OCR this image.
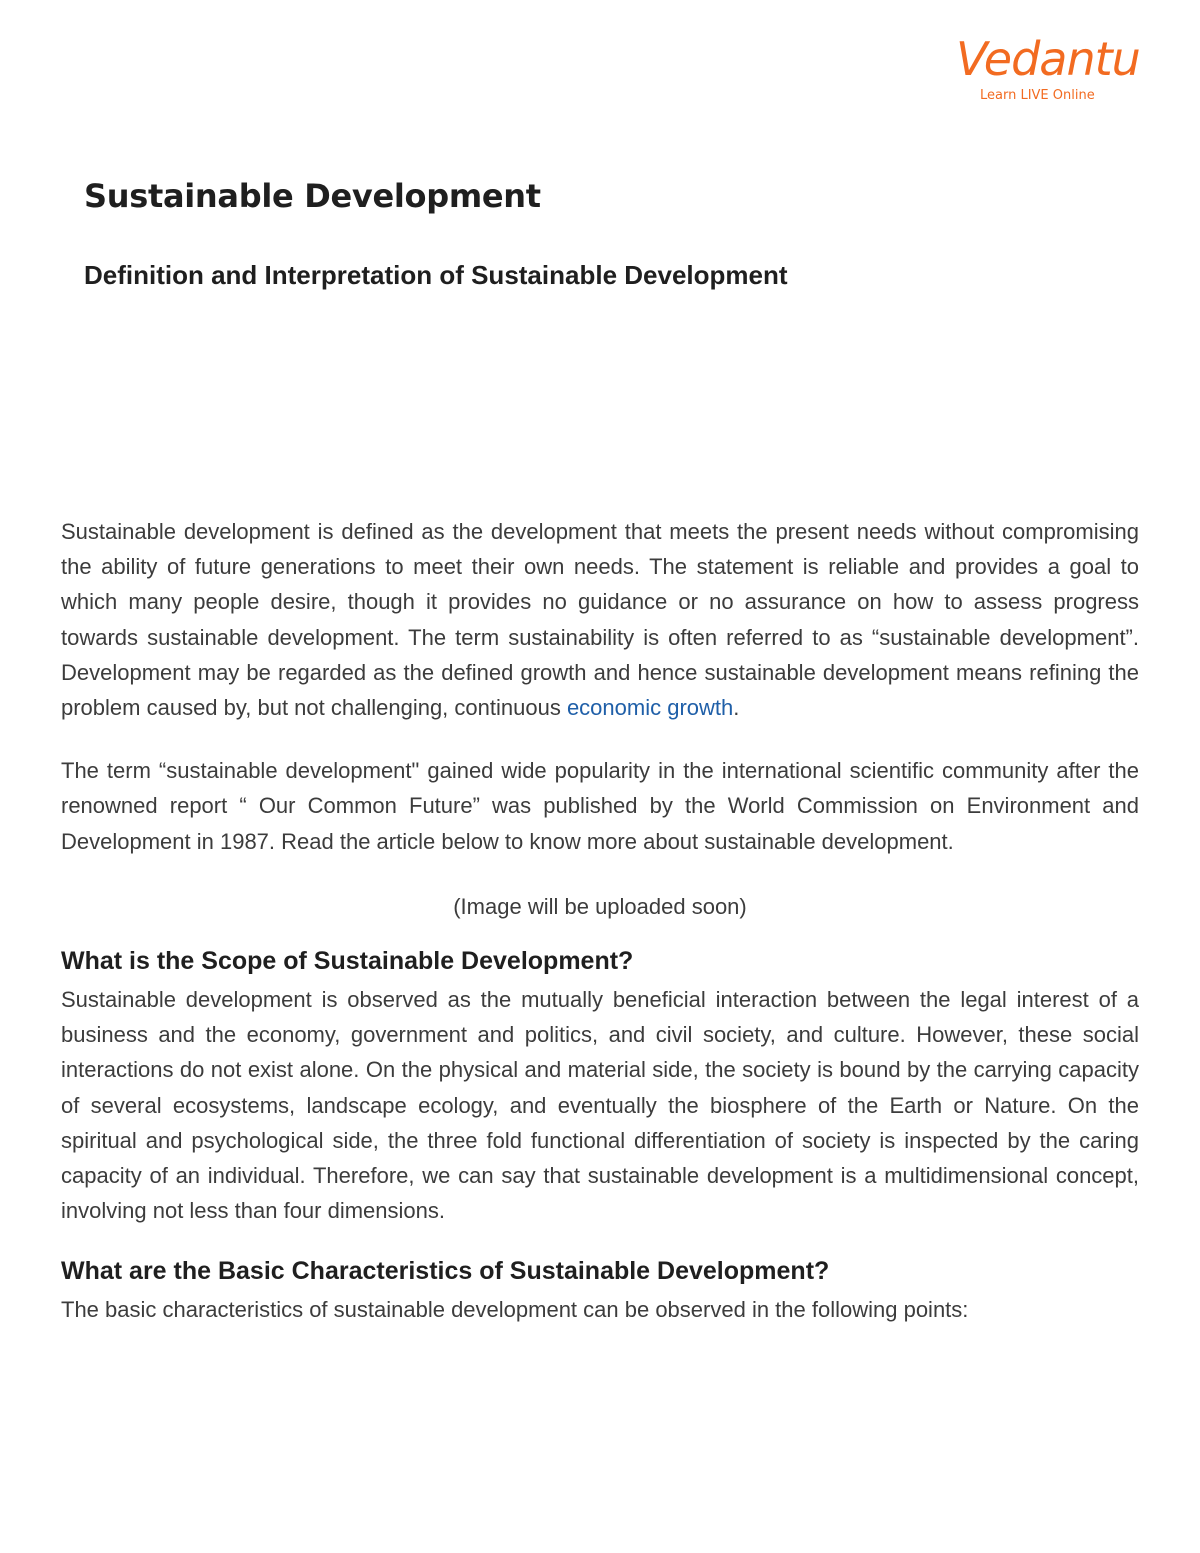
Vedantu
Learn LIVE Online
Sustainable Development
Definition and Interpretation of Sustainable Development

Sustainable development is defined as the development that meets the present needs without compromising the ability of future generations to meet their own needs. The statement is reliable and provides a goal to which many people desire, though it provides no guidance or no assurance on how to assess progress towards sustainable development. The term sustainability is often referred to as “sustainable development”. Development may be regarded as the defined growth and hence sustainable development means refining the problem caused by, but not challenging, continuous economic growth.

The term “sustainable development" gained wide popularity in the international scientific community after the renowned report “ Our Common Future” was published by the World Commission on Environment and Development in 1987. Read the article below to know more about sustainable development.

(Image will be uploaded soon)

What is the Scope of Sustainable Development?

Sustainable development is observed as the mutually beneficial interaction between the legal interest of a business and the economy, government and politics, and civil society, and culture. However, these social interactions do not exist alone. On the physical and material side, the society is bound by the carrying capacity of several ecosystems, landscape ecology, and eventually the biosphere of the Earth or Nature. On the spiritual and psychological side, the three fold functional differentiation of society is inspected by the caring capacity of an individual. Therefore, we can say that sustainable development is a multidimensional concept, involving not less than four dimensions.

What are the Basic Characteristics of Sustainable Development?

The basic characteristics of sustainable development can be observed in the following points:
